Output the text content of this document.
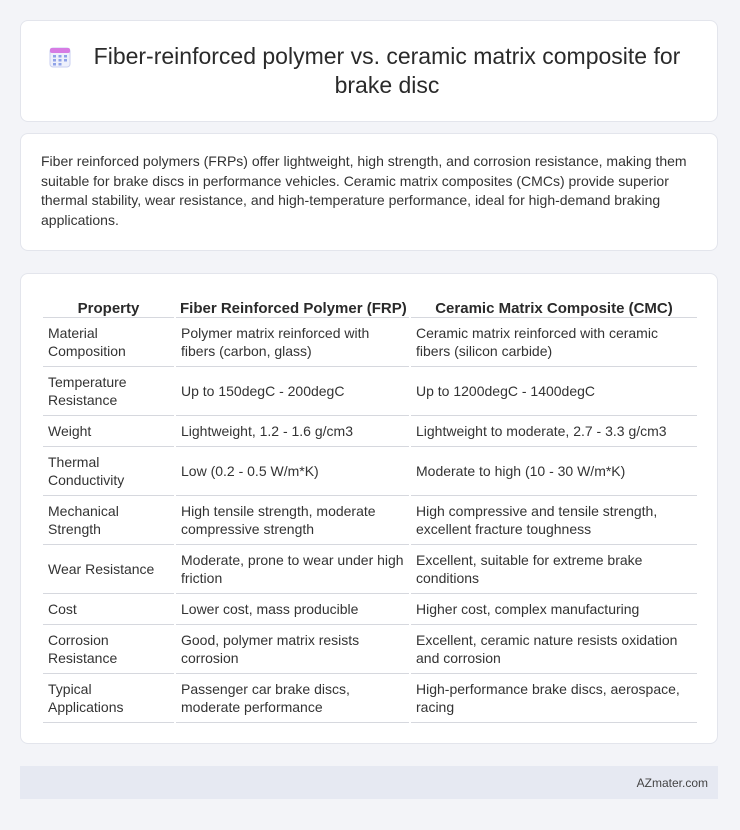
Fiber-reinforced polymer vs. ceramic matrix composite for brake disc

Fiber reinforced polymers (FRPs) offer lightweight, high strength, and corrosion resistance, making them suitable for brake discs in performance vehicles. Ceramic matrix composites (CMCs) provide superior thermal stability, wear resistance, and high-temperature performance, ideal for high-demand braking applications.

Property	Fiber Reinforced Polymer (FRP)	Ceramic Matrix Composite (CMC)
Material Composition	Polymer matrix reinforced with fibers (carbon, glass)	Ceramic matrix reinforced with ceramic fibers (silicon carbide)
Temperature Resistance	Up to 150degC - 200degC	Up to 1200degC - 1400degC
Weight	Lightweight, 1.2 - 1.6 g/cm3	Lightweight to moderate, 2.7 - 3.3 g/cm3
Thermal Conductivity	Low (0.2 - 0.5 W/m*K)	Moderate to high (10 - 30 W/m*K)
Mechanical Strength	High tensile strength, moderate compressive strength	High compressive and tensile strength, excellent fracture toughness
Wear Resistance	Moderate, prone to wear under high friction	Excellent, suitable for extreme brake conditions
Cost	Lower cost, mass producible	Higher cost, complex manufacturing
Corrosion Resistance	Good, polymer matrix resists corrosion	Excellent, ceramic nature resists oxidation and corrosion
Typical Applications	Passenger car brake discs, moderate performance	High-performance brake discs, aerospace, racing
AZmater.com
